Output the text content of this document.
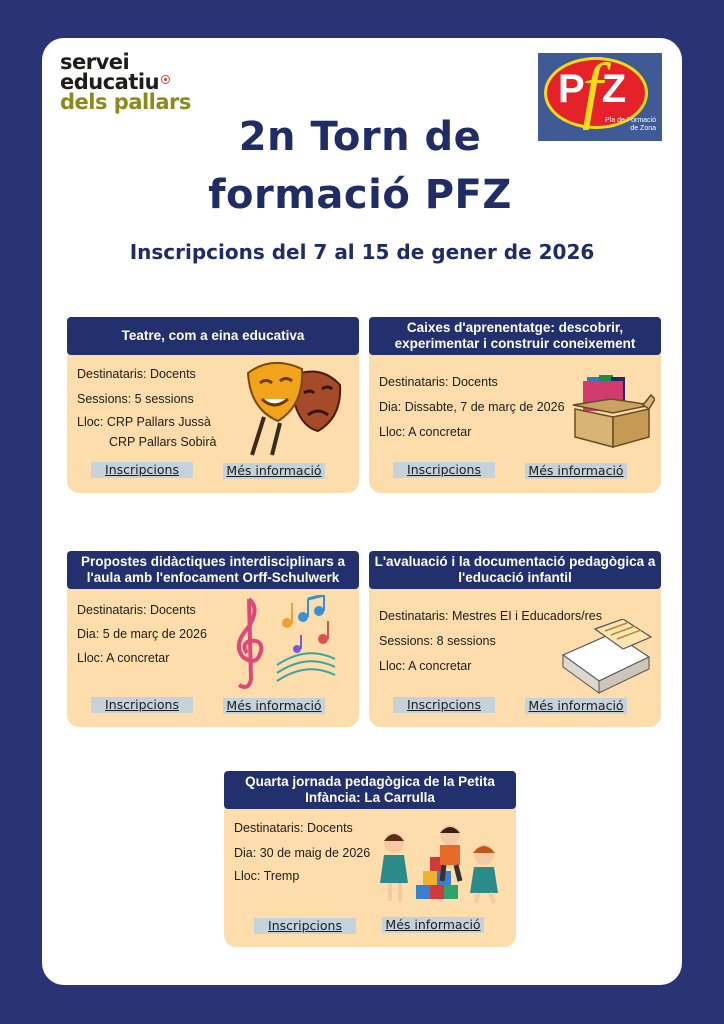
servei
educatiu
dels pallars	P Z
f Pla de Formació de Zona
2n Torn de
formació PFZ
Inscripcions del 7 al 15 de gener de 2026
Teatre, com a eina educativa
Destinataris: Docents
Sessions: 5 sessions
Lloc: CRP Pallars Jussà
CRP Pallars Sobirà
Inscripcions	Més informació
Caixes d'aprenentatge: descobrir, experimentar i construir coneixement
Destinataris: Docents
Dia: Dissabte, 7 de març de 2026
Lloc: A concretar
Inscripcions	Més informació
Propostes didàctiques interdisciplinars a l'aula amb l'enfocament Orff-Schulwerk
Destinataris: Docents
Dia: 5 de març de 2026
Lloc: A concretar
Inscripcions	Més informació
L'avaluació i la documentació pedagògica a l'educació infantil
Destinataris: Mestres EI i Educadors/res
Sessions: 8 sessions
Lloc: A concretar
Inscripcions	Més informació
Quarta jornada pedagògica de la Petita Infància: La Carrulla
Destinataris: Docents
Dia: 30 de maig de 2026
Lloc: Tremp
Inscripcions	Més informació
